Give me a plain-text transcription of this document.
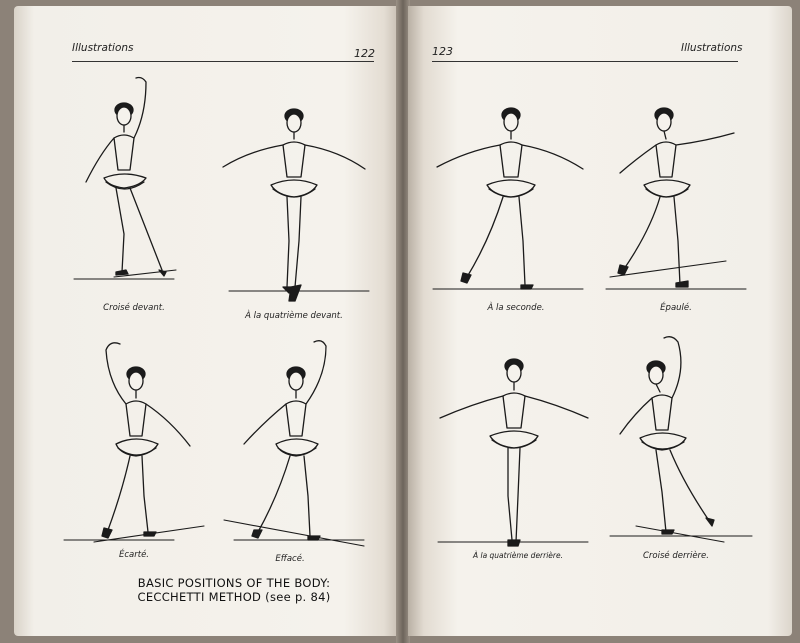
Illustrations	122
Croisé devant.
À la quatrième devant.
Écarté.	Effacé.
BASIC POSITIONS OF THE BODY:
CECCHETTI METHOD (see p. 84)
123	Illustrations
À la seconde.	Épaulé.
À la quatrième derrière.	Croisé derrière.
